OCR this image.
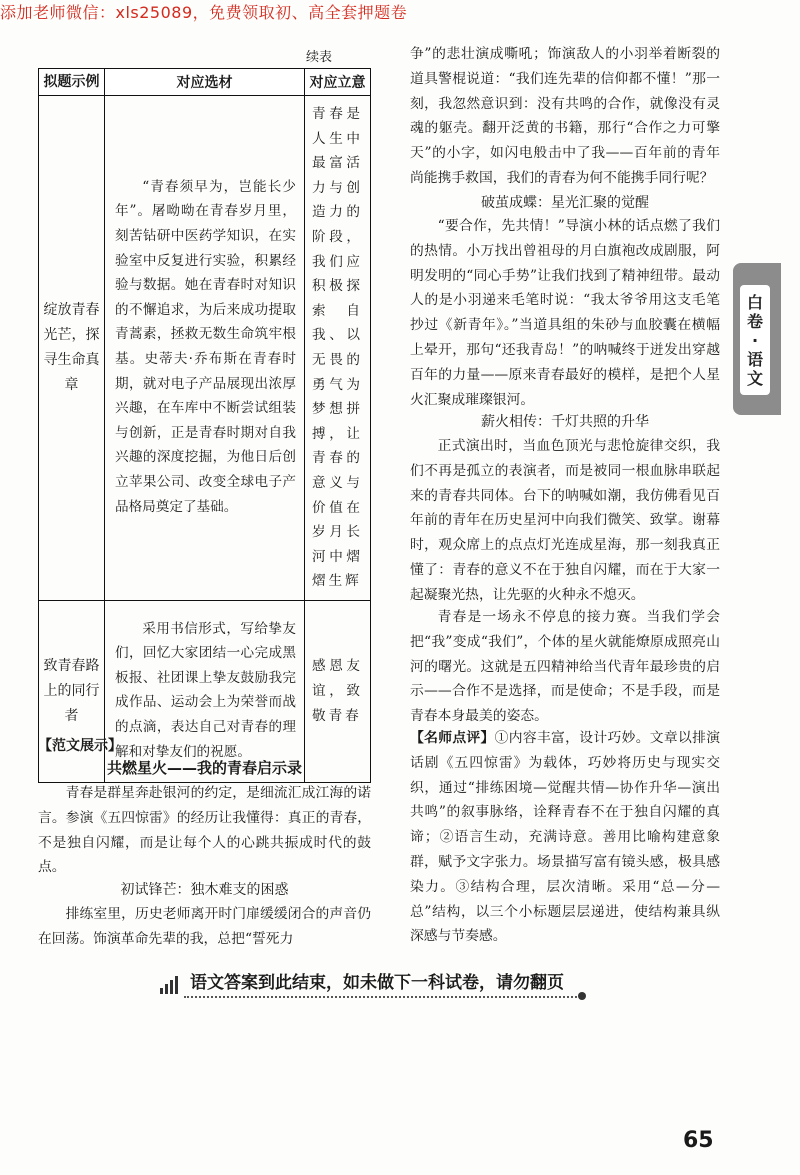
添加老师微信：xls25089，免费领取初、高全套押题卷
续表
拟题示例	对应选材	对应立意
绽放青春光芒，探寻生命真章	“青春须早为，岂能长少年”。屠呦呦在青春岁月里，刻苦钻研中医药学知识，在实验室中反复进行实验，积累经验与数据。她在青春时对知识的不懈追求，为后来成功提取青蒿素，拯救无数生命筑牢根基。史蒂夫·乔布斯在青春时期，就对电子产品展现出浓厚兴趣，在车库中不断尝试组装与创新，正是青春时期对自我兴趣的深度挖掘，为他日后创立苹果公司、改变全球电子产品格局奠定了基础。	青春是人生中最富活力与创造力的阶段，我们应积极探索自我、以无畏的勇气为梦想拼搏，让青春的意义与价值在岁月长河中熠熠生辉
致青春路上的同行者	采用书信形式，写给挚友们，回忆大家团结一心完成黑板报、社团课上挚友鼓励我完成作品、运动会上为荣誉而战的点滴，表达自己对青春的理解和对挚友们的祝愿。	感恩友谊，致敬青春
【范文展示】
共燃星火——我的青春启示录

青春是群星奔赴银河的约定，是细流汇成江海的诺言。参演《五四惊雷》的经历让我懂得：真正的青春，不是独自闪耀，而是让每个人的心跳共振成时代的鼓点。

初试锋芒：独木难支的困惑

排练室里，历史老师离开时门扉缓缓闭合的声音仍在回荡。饰演革命先辈的我，总把“誓死力

争”的悲壮演成嘶吼；饰演敌人的小羽举着断裂的道具警棍说道：“我们连先辈的信仰都不懂！”那一刻，我忽然意识到：没有共鸣的合作，就像没有灵魂的躯壳。翻开泛黄的书籍，那行“合作之力可擎天”的小字，如闪电般击中了我——百年前的青年尚能携手救国，我们的青春为何不能携手同行呢？

破茧成蝶：星光汇聚的觉醒

“要合作，先共情！”导演小林的话点燃了我们的热情。小万找出曾祖母的月白旗袍改成剧服，阿明发明的“同心手势”让我们找到了精神纽带。最动人的是小羽递来毛笔时说：“我太爷爷用这支毛笔抄过《新青年》。”当道具组的朱砂与血胶囊在横幅上晕开，那句“还我青岛！”的呐喊终于迸发出穿越百年的力量——原来青春最好的模样，是把个人星火汇聚成璀璨银河。

薪火相传：千灯共照的升华

正式演出时，当血色顶光与悲怆旋律交织，我们不再是孤立的表演者，而是被同一根血脉串联起来的青春共同体。台下的呐喊如潮，我仿佛看见百年前的青年在历史星河中向我们微笑、致掌。谢幕时，观众席上的点点灯光连成星海，那一刻我真正懂了：青春的意义不在于独自闪耀，而在于大家一起凝聚光热，让先驱的火种永不熄灭。

青春是一场永不停息的接力赛。当我们学会把“我”变成“我们”，个体的星火就能燎原成照亮山河的曙光。这就是五四精神给当代青年最珍贵的启示——合作不是选择，而是使命；不是手段，而是青春本身最美的姿态。

【名师点评】①内容丰富，设计巧妙。文章以排演话剧《五四惊雷》为载体，巧妙将历史与现实交织，通过“排练困境—觉醒共情—协作升华—演出共鸣”的叙事脉络，诠释青春不在于独自闪耀的真谛；②语言生动，充满诗意。善用比喻构建意象群，赋予文字张力。场景描写富有镜头感，极具感染力。③结构合理，层次清晰。采用“总—分—总”结构，以三个小标题层层递进，使结构兼具纵深感与节奏感。

白
卷
·
语
文
语文答案到此结束，如未做下一科试卷，请勿翻页
65
